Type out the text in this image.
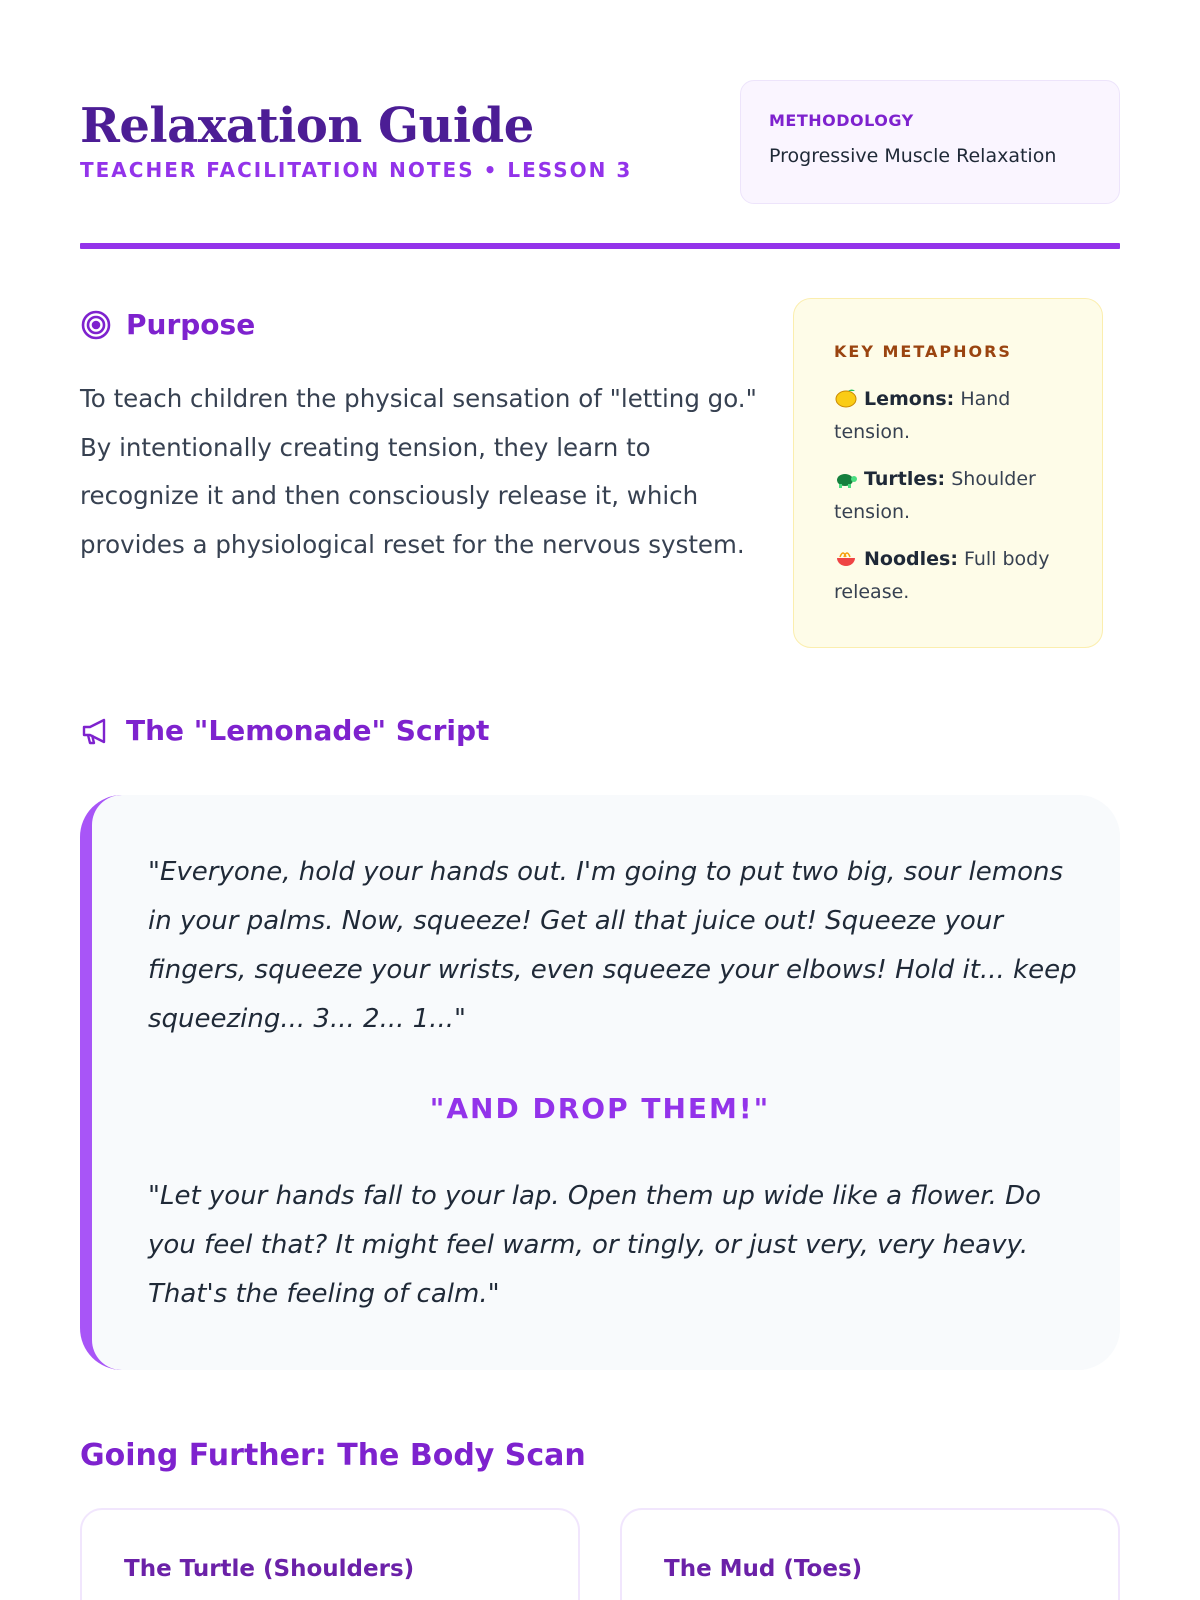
Relaxation Guide
TEACHER FACILITATION NOTES • LESSON 3
METHODOLOGY
Progressive Muscle Relaxation
Purpose

To teach children the physical sensation of "letting go." By intentionally creating tension, they learn to recognize it and then consciously release it, which provides a physiological reset for the nervous system.

KEY METAPHORS
Lemons: Hand tension.
Turtles: Shoulder tension.
Noodles: Full body release.
The "Lemonade" Script

"Everyone, hold your hands out. I'm going to put two big, sour lemons in your palms. Now, squeeze! Get all that juice out! Squeeze your fingers, squeeze your wrists, even squeeze your elbows! Hold it... keep squeezing... 3... 2... 1..."

"AND DROP THEM!"

"Let your hands fall to your lap. Open them up wide like a flower. Do you feel that? It might feel warm, or tingly, or just very, very heavy. That's the feeling of calm."

Going Further: The Body Scan
The Turtle (Shoulders)	The Mud (Toes)
